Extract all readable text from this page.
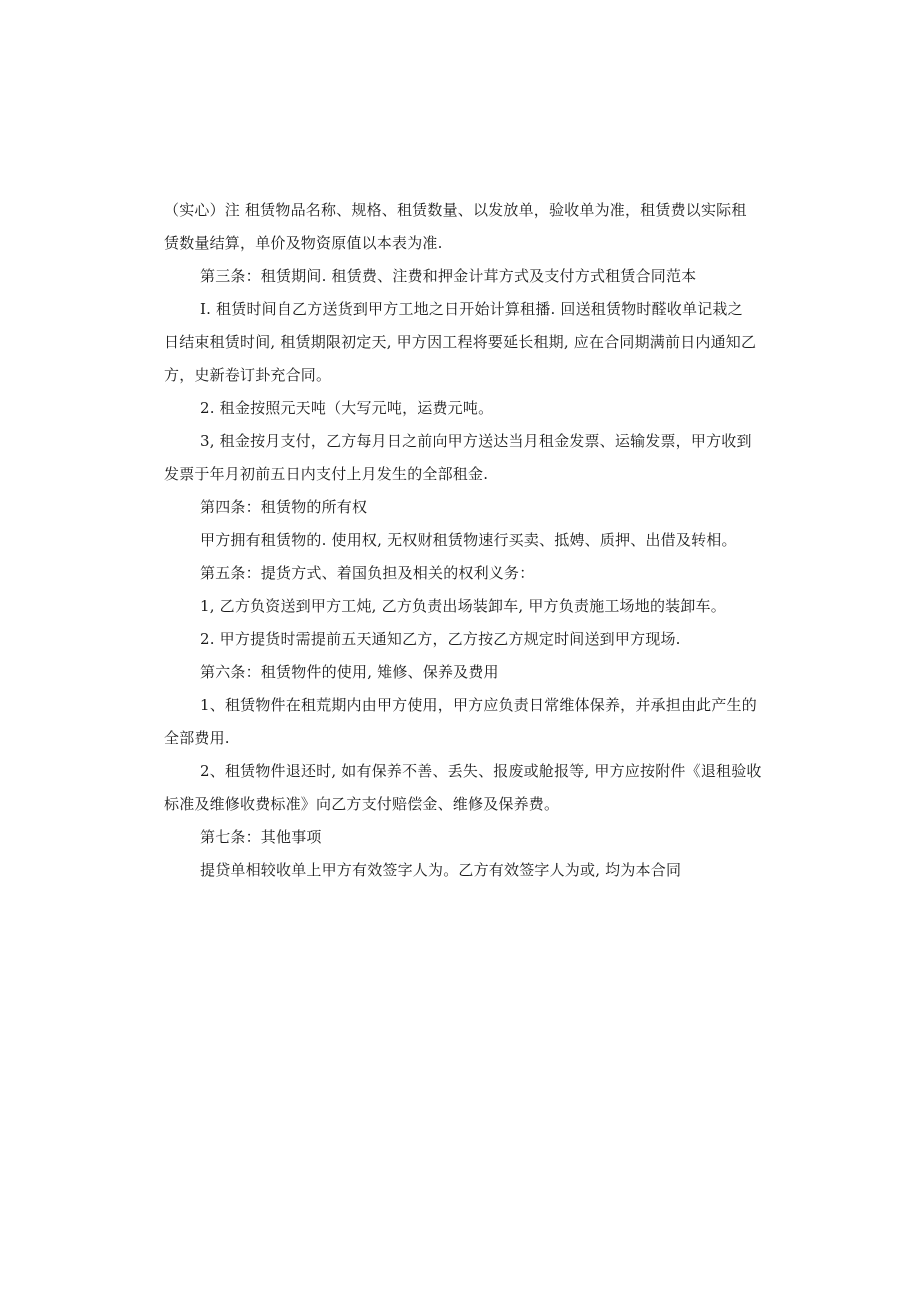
（实心）注 租赁物品名称、规格、租赁数量、以发放单，验收单为准，租赁费以实际租
赁数量结算，单价及物资原值以本表为准.
第三条：租赁期间. 租赁费、注费和押金计茸方式及支付方式租赁合同范本
I. 租赁时间自乙方送货到甲方工地之日开始计算租播. 回送租赁物时醛收单记栽之
日结束租赁时间, 租赁期限初定天, 甲方因工程将要延长租期, 应在合同期满前日内通知乙
方，史新卷订卦充合同。
2. 租金按照元天吨（大写元吨，运费元吨。
3, 租金按月支付，乙方每月日之前向甲方送达当月租金发票、运输发票，甲方收到
发票于年月初前五日内支付上月发生的全部租金.
第四条：租赁物的所有权
甲方拥有租赁物的. 使用权, 无权财租赁物速行买卖、抵娉、质押、出借及转相。
第五条：提货方式、着国负担及相关的权利义务：
1, 乙方负资送到甲方工炖, 乙方负责出场装卸车, 甲方负责施工场地的装卸车。
2. 甲方提货时需提前五天通知乙方，乙方按乙方规定时间送到甲方现场.
第六条：租赁物件的使用, 雉修、保养及费用
1、租赁物件在租荒期内由甲方使用，甲方应负责日常维体保养，并承担由此产生的
全部费用.
2、租赁物件退还时, 如有保养不善、丢失、报废或舱报等, 甲方应按附件《退租验收
标准及维修收费标准》向乙方支付赔偿金、维修及保养费。
第七条：其他事项
提贷单相较收单上甲方有效签字人为。乙方有效签字人为或, 均为本合同
